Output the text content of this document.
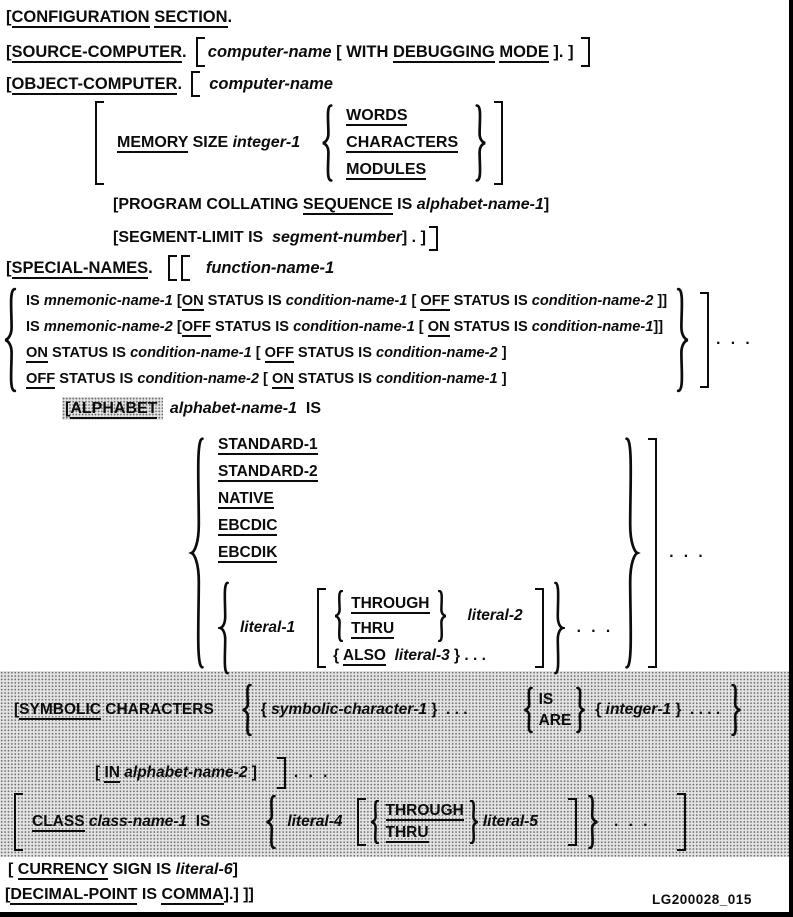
[CONFIGURATION SECTION.
[SOURCE-COMPUTER. computer-name [ WITH DEBUGGING MODE ]. ]
[OBJECT-COMPUTER. computer-name
MEMORY SIZE integer-1
WORDS
CHARACTERS
MODULES
[PROGRAM COLLATING SEQUENCE IS alphabet-name-1]
[SEGMENT-LIMIT IS  segment-number] . ]
[SPECIAL-NAMES.	function-name-1
IS mnemonic-name-1 [ON STATUS IS condition-name-1 [ OFF STATUS IS condition-name-2 ]]
IS mnemonic-name-2 [OFF STATUS IS condition-name-1 [ ON STATUS IS condition-name-1]]
ON STATUS IS condition-name-1 [ OFF STATUS IS condition-name-2 ]
OFF STATUS IS condition-name-2 [ ON STATUS IS condition-name-1 ]
. . .
[ALPHABET alphabet-name-1  IS
STANDARD-1
STANDARD-2
NATIVE
EBCDIC
EBCDIK
literal-1
THROUGH
THRU
literal-2
{ ALSO literal-3 } . . .
. . .
. . .
[SYMBOLIC CHARACTERS	{ symbolic-character-1 }  . . .
IS
ARE
{ integer-1 }  . . . .
[ IN alphabet-name-2 ] . . .
CLASS class-name-1  IS	literal-4
THROUGH
THRU
literal-5	. . .
[ CURRENCY SIGN IS literal-6]
[DECIMAL-POINT IS COMMA].] ]]	LG200028_015
